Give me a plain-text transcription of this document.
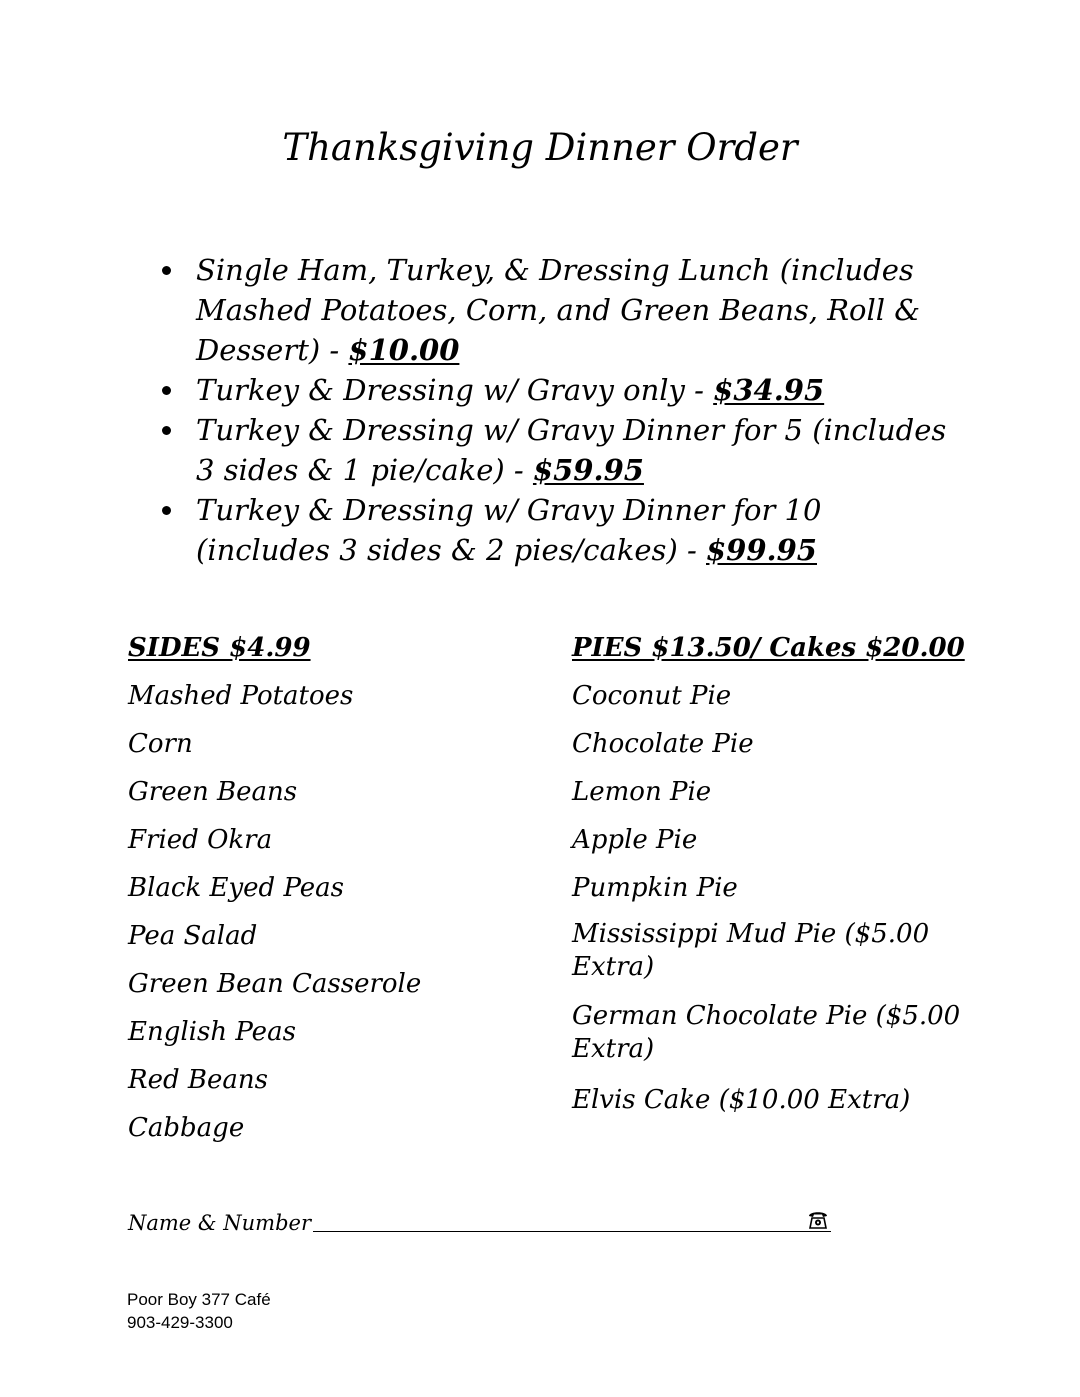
Thanksgiving Dinner Order
Single Ham, Turkey, & Dressing Lunch (includes Mashed Potatoes, Corn, and Green Beans, Roll & Dessert) - $10.00
Turkey & Dressing w/ Gravy only - $34.95
Turkey & Dressing w/ Gravy Dinner for 5 (includes 3 sides & 1 pie/cake) - $59.95
Turkey & Dressing w/ Gravy Dinner for 10 (includes 3 sides & 2 pies/cakes) - $99.95
SIDES $4.99
Mashed Potatoes
Corn
Green Beans
Fried Okra
Black Eyed Peas
Pea Salad
Green Bean Casserole
English Peas
Red Beans
Cabbage
PIES $13.50/ Cakes $20.00
Coconut Pie
Chocolate Pie
Lemon Pie
Apple Pie
Pumpkin Pie
Mississippi Mud Pie ($5.00 Extra)
German Chocolate Pie ($5.00 Extra)
Elvis Cake ($10.00 Extra)
Name & Number
Poor Boy 377 Café
903-429-3300
